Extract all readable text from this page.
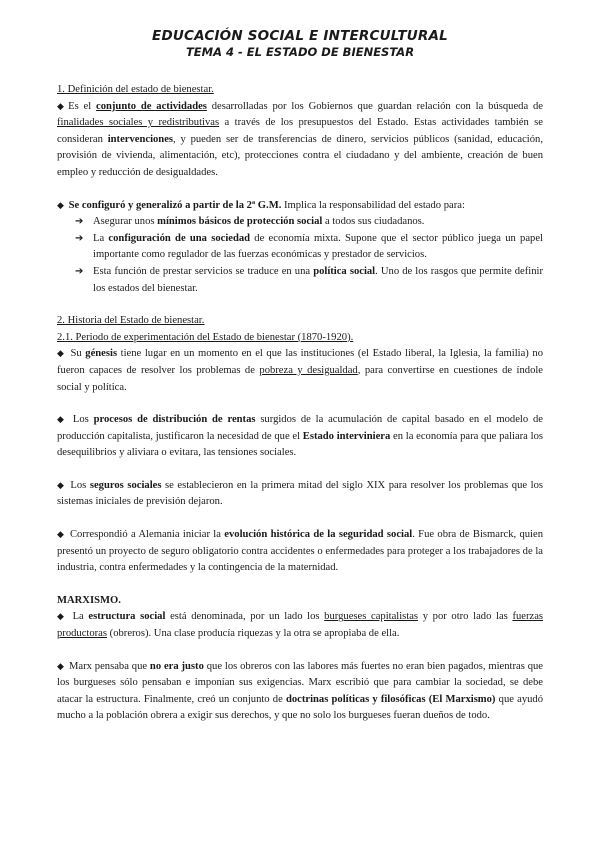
EDUCACIÓN SOCIAL E INTERCULTURAL
TEMA 4 - EL ESTADO DE BIENESTAR
1. Definición del estado de bienestar.

◆ Es el conjunto de actividades desarrolladas por los Gobiernos que guardan relación con la búsqueda de finalidades sociales y redistributivas a través de los presupuestos del Estado. Estas actividades también se consideran intervenciones, y pueden ser de transferencias de dinero, servicios públicos (sanidad, educación, provisión de vivienda, alimentación, etc), protecciones contra el ciudadano y del ambiente, creación de buen empleo y reducción de desigualdades.

◆ Se configuró y generalizó a partir de la 2ª G.M. Implica la responsabilidad del estado para:

➔ Asegurar unos mínimos básicos de protección social a todos sus ciudadanos.
➔ La configuración de una sociedad de economía mixta. Supone que el sector público juega un papel importante como regulador de las fuerzas económicas y prestador de servicios.
➔ Esta función de prestar servicios se traduce en una política social. Uno de los rasgos que permite definir los estados del bienestar.
2. Historia del Estado de bienestar.
2.1. Periodo de experimentación del Estado de bienestar (1870-1920).

◆ Su génesis tiene lugar en un momento en el que las instituciones (el Estado liberal, la Iglesia, la familia) no fueron capaces de resolver los problemas de pobreza y desigualdad, para convertirse en cuestiones de índole social y política.

◆ Los procesos de distribución de rentas surgidos de la acumulación de capital basado en el modelo de producción capitalista, justificaron la necesidad de que el Estado interviniera en la economía para que paliara los desequilibrios y aliviara o evitara, las tensiones sociales.

◆ Los seguros sociales se establecieron en la primera mitad del siglo XIX para resolver los problemas que los sistemas iniciales de previsión dejaron.

◆ Correspondió a Alemania iniciar la evolución histórica de la seguridad social. Fue obra de Bismarck, quien presentó un proyecto de seguro obligatorio contra accidentes o enfermedades para proteger a los trabajadores de la industria, contra enfermedades y la contingencia de la maternidad.

MARXISMO.

◆ La estructura social está denominada, por un lado los burgueses capitalistas y por otro lado las fuerzas productoras (obreros). Una clase producía riquezas y la otra se apropiaba de ella.

◆ Marx pensaba que no era justo que los obreros con las labores más fuertes no eran bien pagados, mientras que los burgueses sólo pensaban e imponían sus exigencias. Marx escribió que para cambiar la sociedad, se debe atacar la estructura. Finalmente, creó un conjunto de doctrinas políticas y filosóficas (El Marxismo) que ayudó mucho a la población obrera a exigir sus derechos, y que no solo los burgueses fueran dueños de todo.
